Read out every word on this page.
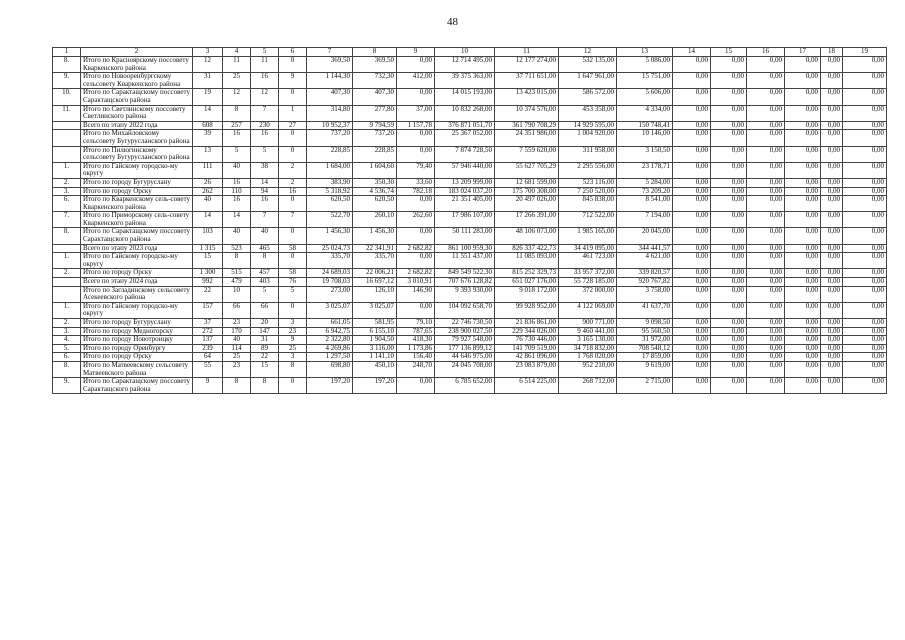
48
1	2	3	4	5	6	7	8	9	10	11	12	13	14	15	16	17	18	19
8.	Итого по Красноярскому поссовету Кваркенского района	12	11	11	0	369,50	369,50	0,00	12 714 495,00	12 177 274,00	532 135,00	5 086,00	0,00	0,00	0,00	0,00	0,00	0,00
9.	Итого по Новооренбургскому сельсовету Кваркенского района	31	25	16	9	1 144,30	732,30	412,00	39 375 363,00	37 711 651,00	1 647 961,00	15 751,00	0,00	0,00	0,00	0,00	0,00	0,00
10.	Итого по Сарактащскому поссовету Сарактащского района	19	12	12	0	407,30	407,30	0,00	14 015 193,00	13 423 015,00	586 572,00	5 606,00	0,00	0,00	0,00	0,00	0,00	0,00
11.	Итого по Светлинскому поссовету Светлинского района	14	8	7	1	314,80	277,80	37,00	10 832 268,00	10 374 576,00	453 358,00	4 334,00	0,00	0,00	0,00	0,00	0,00	0,00
	Всего по этапу 2022 года	608	257	230	27	10 952,37	9 794,59	1 157,78	376 871 051,70	361 790 708,29	14 929 595,00	150 748,41	0,00	0,00	0,00	0,00	0,00	0,00
	Итого по Михайловскому сельсовету Бугурусланского района	39	16	16	0	737,20	737,20	0,00	25 367 052,00	24 351 986,00	1 004 920,00	10 146,00	0,00	0,00	0,00	0,00	0,00	0,00
	Итого по Пилюгинскому сельсовету Бугурусланского района	13	5	5	0	228,85	228,85	0,00	7 874 728,50	7 559 620,00	311 958,00	3 150,50	0,00	0,00	0,00	0,00	0,00	0,00
1.	Итого по Гайскому городско-му округу	111	40	38	2	1 684,00	1 604,60	79,40	57 946 440,00	55 627 705,29	2 295 556,00	23 178,71	0,00	0,00	0,00	0,00	0,00	0,00
2.	Итого по городу Бугуруслану	26	16	14	2	383,90	350,30	33,60	13 209 999,00	12 681 599,00	523 116,00	5 284,00	0,00	0,00	0,00	0,00	0,00	0,00
3.	Итого по городу Орску	262	110	94	16	5 318,92	4 536,74	782,18	183 024 037,20	175 700 308,00	7 250 520,00	73 209,20	0,00	0,00	0,00	0,00	0,00	0,00
6.	Итого по Кваркенскому сель-совету Кваркенского района	40	16	16	0	620,50	620,50	0,00	21 351 405,00	20 497 026,00	845 838,00	8 541,00	0,00	0,00	0,00	0,00	0,00	0,00
7.	Итого по Приморскому сель-совету Кваркенского района	14	14	7	7	522,70	260,10	262,60	17 986 107,00	17 266 391,00	712 522,00	7 194,00	0,00	0,00	0,00	0,00	0,00	0,00
8.	Итого по Сарактащскому поссовету Сарактащского района	103	40	40	0	1 456,30	1 456,30	0,00	50 111 283,00	48 106 073,00	1 985 165,00	20 045,00	0,00	0,00	0,00	0,00	0,00	0,00
	Всего по этапу 2023 года	1 315	523	465	58	25 024,73	22 341,91	2 682,82	861 100 959,30	826 337 422,73	34 419 095,00	344 441,57	0,00	0,00	0,00	0,00	0,00	0,00
1.	Итого по Гайскому городско-му округу	15	8	8	0	335,70	335,70	0,00	11 551 437,00	11 085 093,00	461 723,00	4 621,00	0,00	0,00	0,00	0,00	0,00	0,00
2.	Итого по городу Орску	1 300	515	457	58	24 689,03	22 006,21	2 682,82	849 549 522,30	815 252 329,73	33 957 372,00	339 820,57	0,00	0,00	0,00	0,00	0,00	0,00
	Всего по этапу 2024 года	992	479	403	76	19 708,03	16 697,12	3 010,91	707 676 128,82	651 027 176,00	55 728 185,00	920 767,82	0,00	0,00	0,00	0,00	0,00	0,00
	Итого по Загладинскому сельсовету Асекеевского района	22	10	5	5	273,00	126,10	146,90	9 393 930,00	9 018 172,00	372 000,00	3 758,00	0,00	0,00	0,00	0,00	0,00	0,00
1.	Итого по Гайскому городско-му округу	157	66	66	0	3 025,07	3 025,07	0,00	104 092 658,70	99 928 952,00	4 122 069,00	41 637,70	0,00	0,00	0,00	0,00	0,00	0,00
2.	Итого по городу Бугуруслану	37	23	20	3	661,05	581,95	79,10	22 746 730,50	21 836 861,00	900 771,00	9 098,50	0,00	0,00	0,00	0,00	0,00	0,00
3.	Итого по городу Медногорску	272	170	147	23	6 942,75	6 155,10	787,65	238 900 027,50	229 344 026,00	9 460 441,00	95 560,50	0,00	0,00	0,00	0,00	0,00	0,00
4.	Итого по городу Новотроицку	137	40	31	9	2 322,80	1 904,50	418,30	79 927 548,00	76 730 446,00	3 165 130,00	31 972,00	0,00	0,00	0,00	0,00	0,00	0,00
5.	Итого по городу Оренбургу	239	114	89	25	4 269,86	3 116,00	1 173,86	177 136 899,12	141 709 519,00	34 718 832,00	708 548,12	0,00	0,00	0,00	0,00	0,00	0,00
6.	Итого по городу Орску	64	25	22	3	1 297,50	1 141,10	156,40	44 646 975,00	42 861 096,00	1 768 020,00	17 859,00	0,00	0,00	0,00	0,00	0,00	0,00
8.	Итого по Матвеевскому сельсовету Матвеевского района	55	23	15	8	698,80	450,10	248,70	24 045 708,00	23 083 879,00	952 210,00	9 619,00	0,00	0,00	0,00	0,00	0,00	0,00
9.	Итого по Сарактащскому поссовету Сарактащского района	9	8	8	0	197,20	197,20	0,00	6 785 652,00	6 514 225,00	268 712,00	2 715,00	0,00	0,00	0,00	0,00	0,00	0,00
